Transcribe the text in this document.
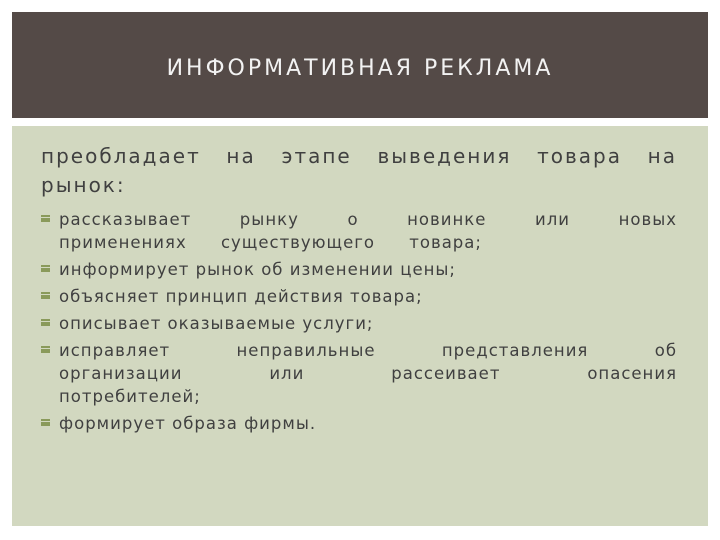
ИНФОРМАТИВНАЯ РЕКЛАМА

преобладает на этапе выведения товара на рынок:

рассказывает рынку о новинке или новых применениях существующего товара;
информирует рынок об изменении цены;
объясняет принцип действия товара;
описывает оказываемые услуги;
исправляет неправильные представления об организации или рассеивает опасения потребителей;
формирует образа фирмы.
